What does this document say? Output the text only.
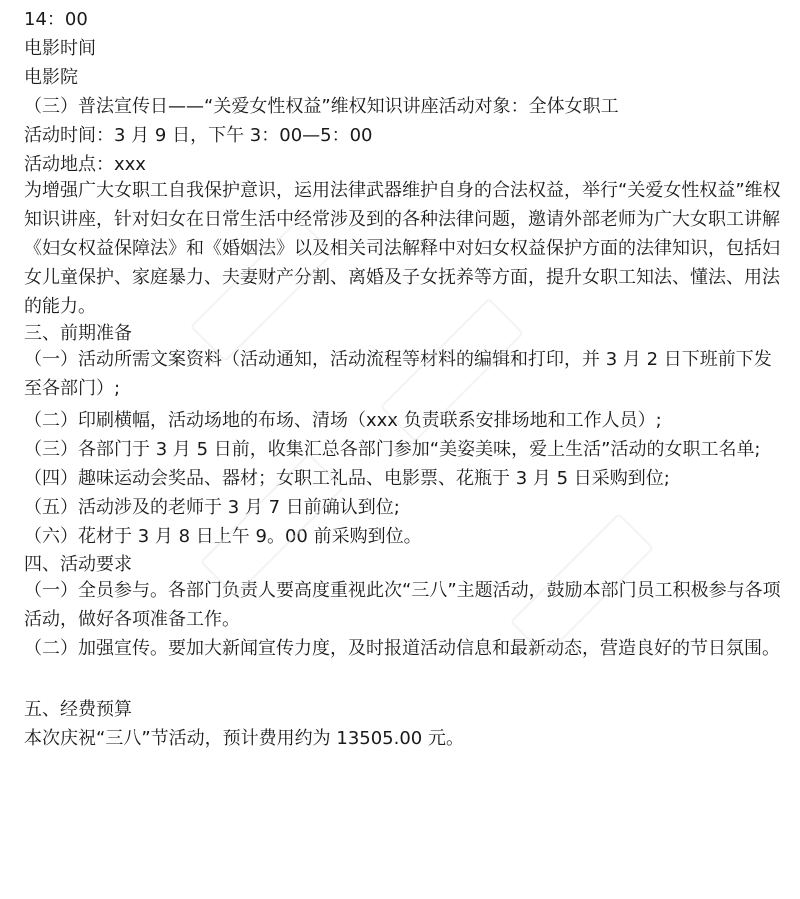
14：00
电影时间
电影院
（三）普法宣传日——“关爱女性权益”维权知识讲座活动对象：全体女职工
活动时间：3 月 9 日，下午 3：00—5：00
活动地点：xxx
为增强广大女职工自我保护意识，运用法律武器维护自身的合法权益，举行“关爱女性权益”维权知识讲座，针对妇女在日常生活中经常涉及到的各种法律问题，邀请外部老师为广大女职工讲解《妇女权益保障法》和《婚姻法》以及相关司法解释中对妇女权益保护方面的法律知识，包括妇女儿童保护、家庭暴力、夫妻财产分割、离婚及子女抚养等方面，提升女职工知法、懂法、用法的能力。
三、前期准备
（一）活动所需文案资料（活动通知，活动流程等材料的编辑和打印，并 3 月 2 日下班前下发至各部门）;
（二）印刷横幅，活动场地的布场、清场（xxx 负责联系安排场地和工作人员）;
（三）各部门于 3 月 5 日前，收集汇总各部门参加“美姿美味，爱上生活”活动的女职工名单;
（四）趣味运动会奖品、器材；女职工礼品、电影票、花瓶于 3 月 5 日采购到位;
（五）活动涉及的老师于 3 月 7 日前确认到位;
（六）花材于 3 月 8 日上午 9。00 前采购到位。
四、活动要求
（一）全员参与。各部门负责人要高度重视此次“三八”主题活动，鼓励本部门员工积极参与各项活动，做好各项准备工作。
（二）加强宣传。要加大新闻宣传力度，及时报道活动信息和最新动态，营造良好的节日氛围。
五、经费预算
本次庆祝“三八”节活动，预计费用约为 13505.00 元。
